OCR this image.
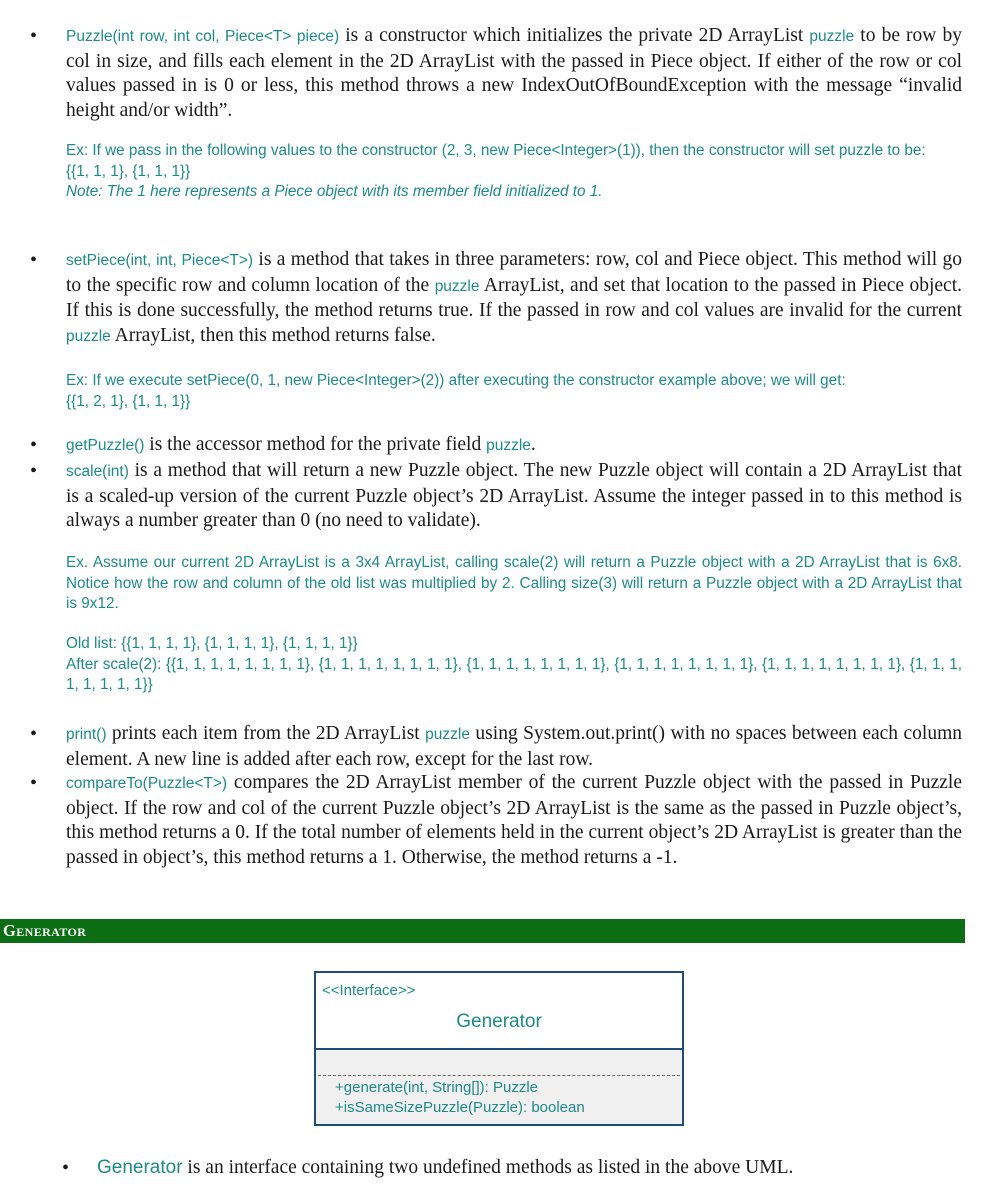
• Puzzle(int row, int col, Piece<T> piece) is a constructor which initializes the private 2D ArrayList puzzle to be row by col in size, and fills each element in the 2D ArrayList with the passed in Piece object. If either of the row or col values passed in is 0 or less, this method throws a new IndexOutOfBoundException with the message “invalid height and/or width”.
Ex: If we pass in the following values to the constructor (2, 3, new Piece<Integer>(1)), then the constructor will set puzzle to be:
{{1, 1, 1}, {1, 1, 1}}
Note: The 1 here represents a Piece object with its member field initialized to 1.
• setPiece(int, int, Piece<T>) is a method that takes in three parameters: row, col and Piece object. This method will go to the specific row and column location of the puzzle ArrayList, and set that location to the passed in Piece object. If this is done successfully, the method returns true. If the passed in row and col values are invalid for the current puzzle ArrayList, then this method returns false.
Ex: If we execute setPiece(0, 1, new Piece<Integer>(2)) after executing the constructor example above; we will get:
{{1, 2, 1}, {1, 1, 1}}
• getPuzzle() is the accessor method for the private field puzzle.
• scale(int) is a method that will return a new Puzzle object. The new Puzzle object will contain a 2D ArrayList that is a scaled-up version of the current Puzzle object’s 2D ArrayList. Assume the integer passed in to this method is always a number greater than 0 (no need to validate).
Ex. Assume our current 2D ArrayList is a 3x4 ArrayList, calling scale(2) will return a Puzzle object with a 2D ArrayList that is 6x8. Notice how the row and column of the old list was multiplied by 2. Calling size(3) will return a Puzzle object with a 2D ArrayList that is 9x12.
Old list: {{1, 1, 1, 1}, {1, 1, 1, 1}, {1, 1, 1, 1}}
After scale(2): {{1, 1, 1, 1, 1, 1, 1, 1}, {1, 1, 1, 1, 1, 1, 1, 1}, {1, 1, 1, 1, 1, 1, 1, 1}, {1, 1, 1, 1, 1, 1, 1, 1}, {1, 1, 1, 1, 1, 1, 1, 1}, {1, 1, 1, 1, 1, 1, 1, 1}}
• print() prints each item from the 2D ArrayList puzzle using System.out.print() with no spaces between each column element. A new line is added after each row, except for the last row.
• compareTo(Puzzle<T>) compares the 2D ArrayList member of the current Puzzle object with the passed in Puzzle object. If the row and col of the current Puzzle object’s 2D ArrayList is the same as the passed in Puzzle object’s, this method returns a 0. If the total number of elements held in the current object’s 2D ArrayList is greater than the passed in object’s, this method returns a 1. Otherwise, the method returns a -1.
Generator
<<Interface>>
Generator
+generate(int, String[]): Puzzle
+isSameSizePuzzle(Puzzle): boolean
• Generator is an interface containing two undefined methods as listed in the above UML.
